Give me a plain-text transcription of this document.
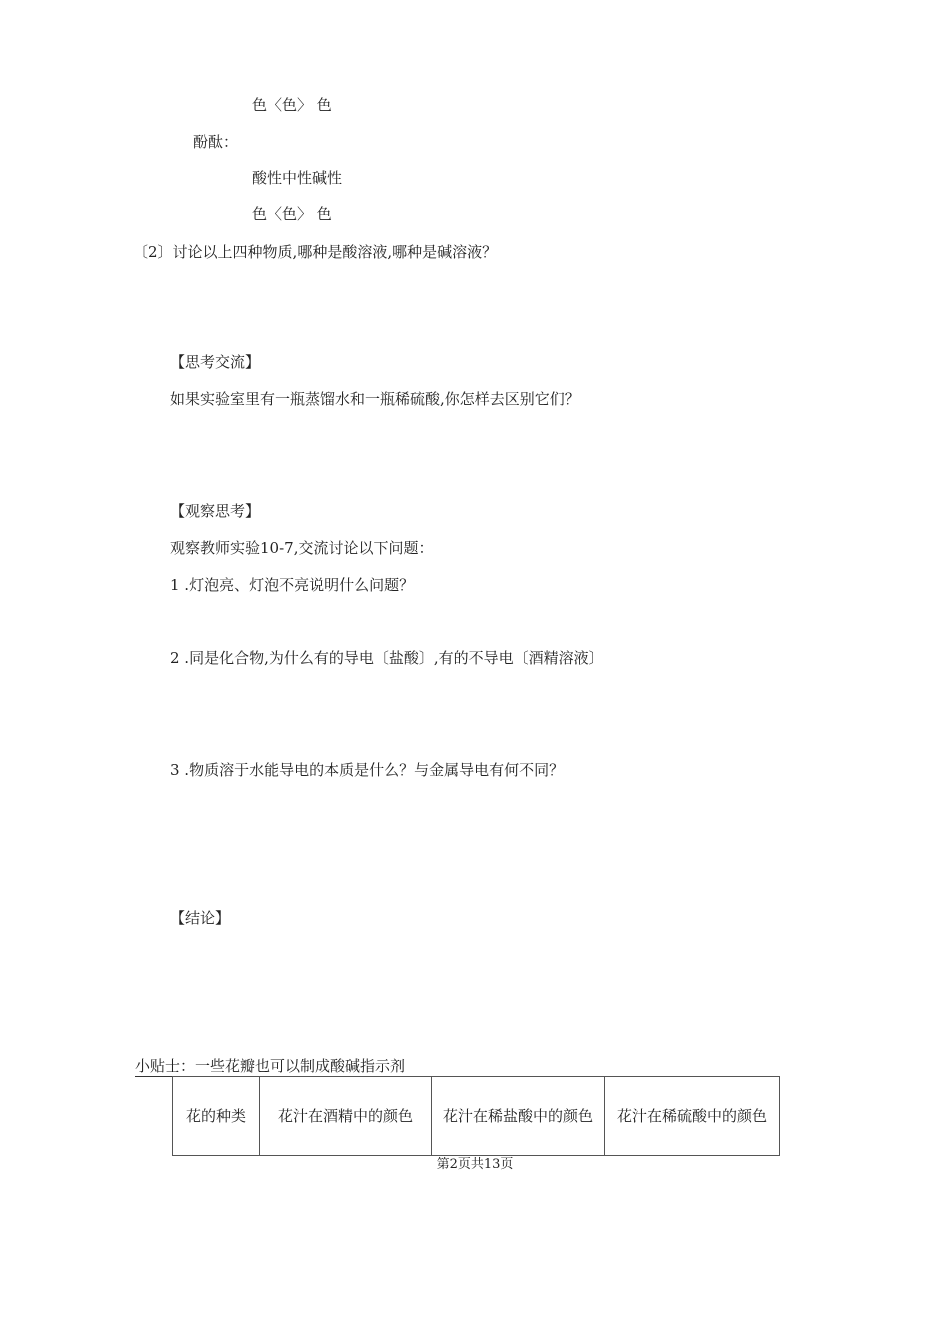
色〈色〉 色
酚酞：
酸性中性碱性
色〈色〉 色
〔2〕讨论以上四种物质,哪种是酸溶液,哪种是碱溶液？
【思考交流】
如果实验室里有一瓶蒸馏水和一瓶稀硫酸,你怎样去区别它们？
【观察思考】
观察教师实验10-7,交流讨论以下问题：
1 .灯泡亮、灯泡不亮说明什么问题？
2 .同是化合物,为什么有的导电〔盐酸〕,有的不导电〔酒精溶液〕
3 .物质溶于水能导电的本质是什么？与金属导电有何不同？
【结论】
小贴士：一些花瓣也可以制成酸碱指示剂
花的种类	花汁在酒精中的颜色	花汁在稀盐酸中的颜色	花汁在稀硫酸中的颜色
第2页共13页
